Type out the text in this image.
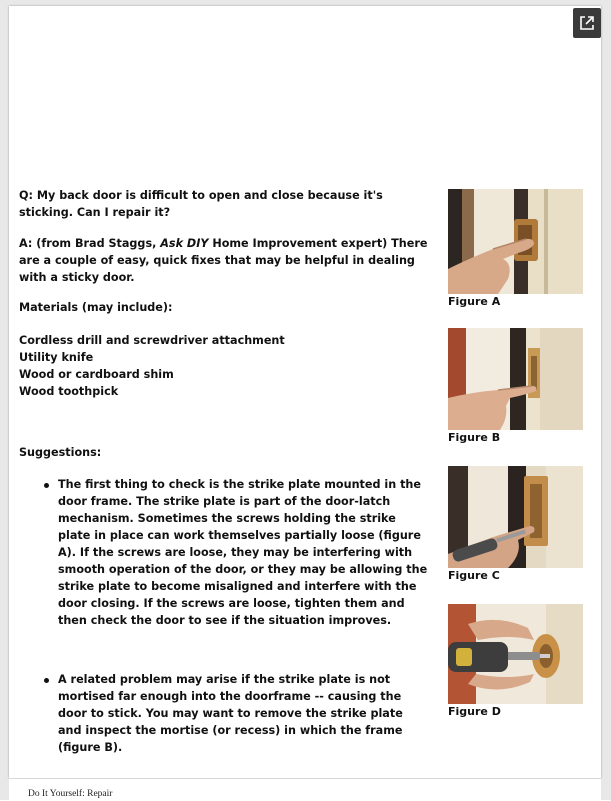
Q: My back door is difficult to open and close because it's sticking. Can I repair it?

A: (from Brad Staggs, Ask DIY Home Improvement expert) There are a couple of easy, quick fixes that may be helpful in dealing with a sticky door.

Materials (may include):

Cordless drill and screwdriver attachment
Utility knife
Wood or cardboard shim
Wood toothpick

Suggestions:

The first thing to check is the strike plate mounted in the door frame. The strike plate is part of the door-latch mechanism. Sometimes the screws holding the strike plate in place can work themselves partially loose (figure A). If the screws are loose, they may be interfering with smooth operation of the door, or they may be allowing the strike plate to become misaligned and interfere with the door closing. If the screws are loose, tighten them and then check the door to see if the situation improves.
A related problem may arise if the strike plate is not mortised far enough into the doorframe -- causing the door to stick. You may want to remove the strike plate and inspect the mortise (or recess) in which the frame (figure B).
Figure A
Figure B
Figure C
Figure D
Do It Yourself: Repair
